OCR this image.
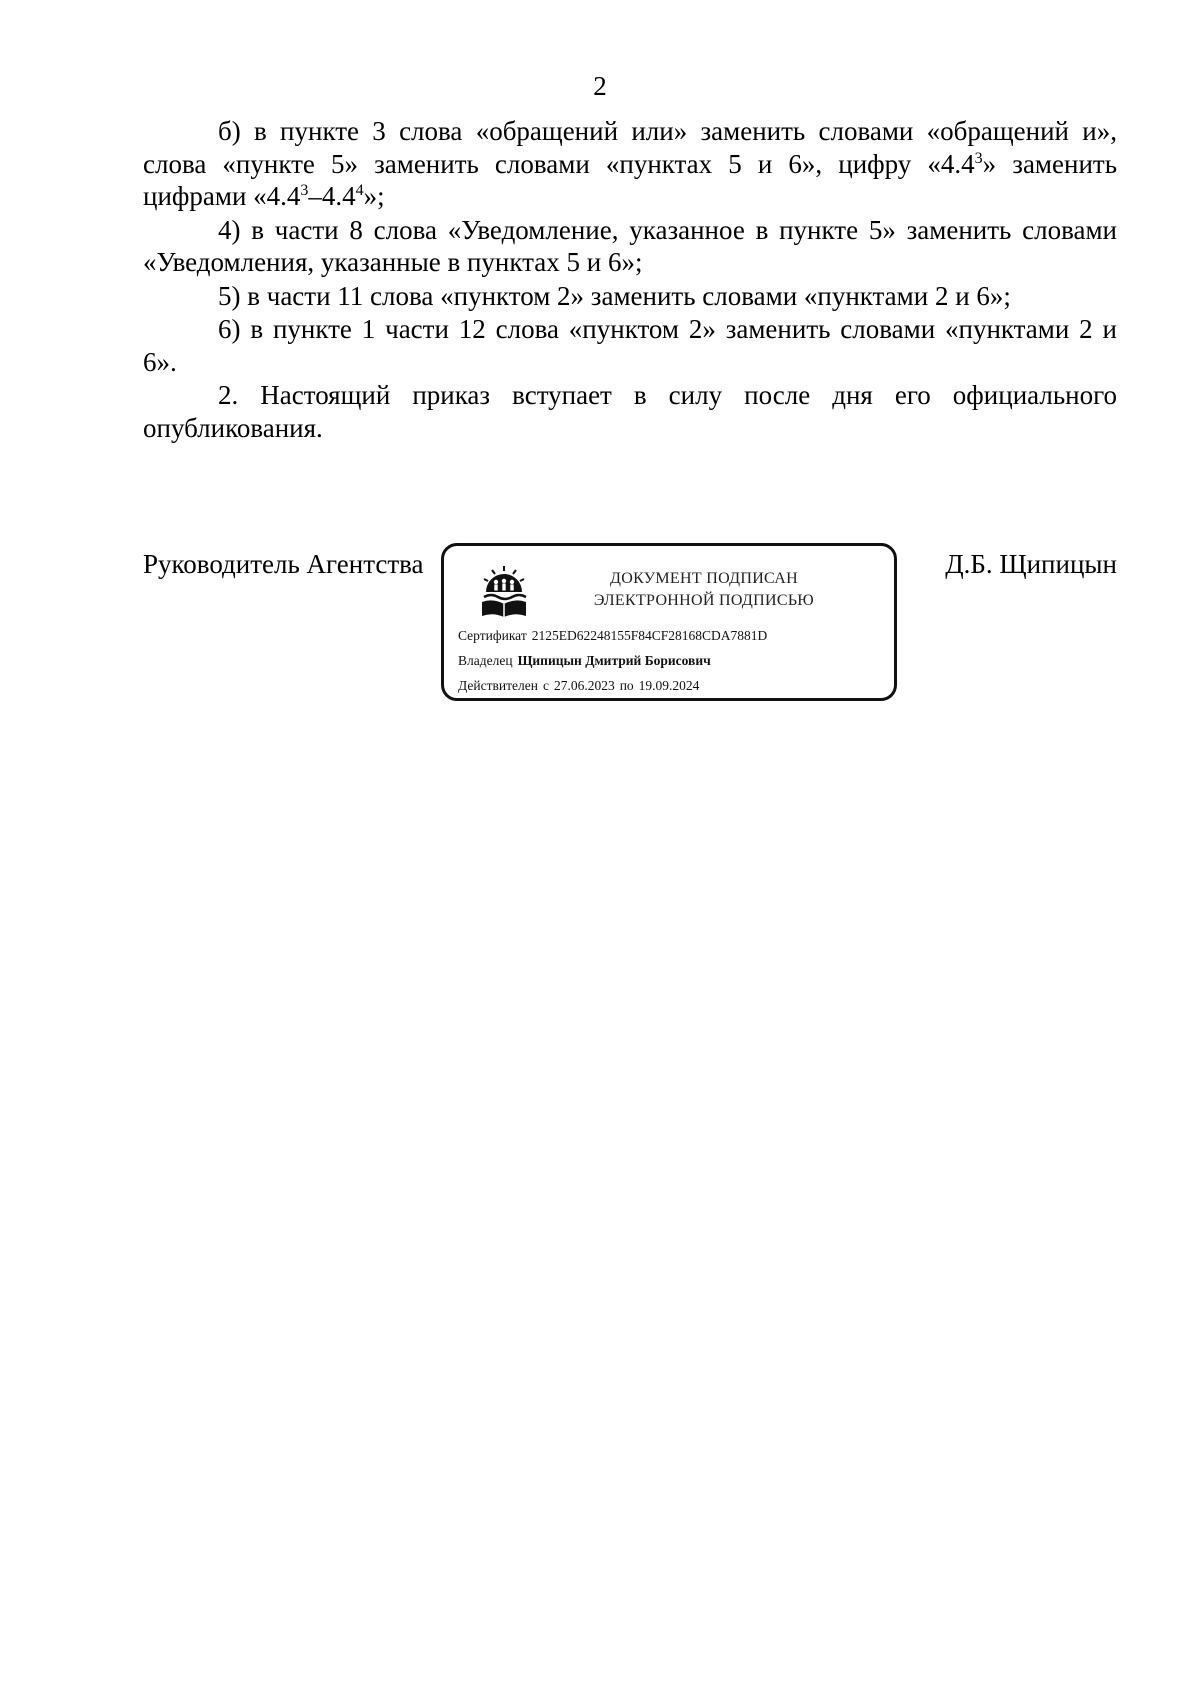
2

б) в пункте 3 слова «обращений или» заменить словами «обращений и», слова «пункте 5» заменить словами «пунктах 5 и 6», цифру «$4.4^3$» заменить цифрами «$4.4^3-4.4^4$»;

4) в части 8 слова «Уведомление, указанное в пункте 5» заменить словами «Уведомления, указанные в пунктах 5 и 6»;

5) в части 11 слова «пунктом 2» заменить словами «пунктами 2 и 6»;

6) в пункте 1 части 12 слова «пунктом 2» заменить словами «пунктами 2 и 6».

2. Настоящий приказ вступает в силу после дня его официального опубликования.

Руководитель Агентства	Д.Б. Щипицын
ДОКУМЕНТ ПОДПИСАН
ЭЛЕКТРОННОЙ ПОДПИСЬЮ
Сертификат 2125ED62248155F84CF28168CDA7881D
Владелец Щипицын Дмитрий Борисович
Действителен с 27.06.2023 по 19.09.2024
